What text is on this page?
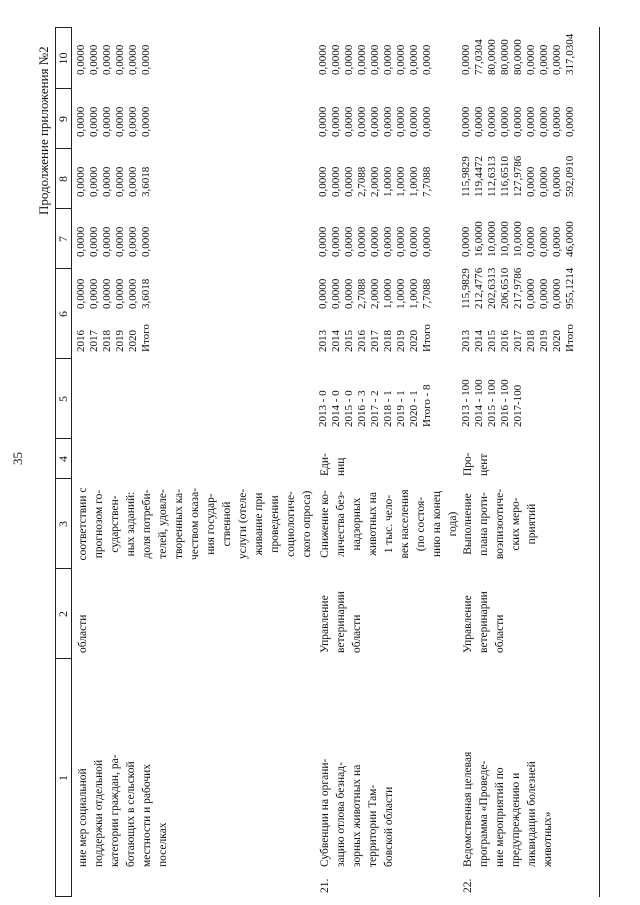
35
Продолжение приложения №2
1
2
3
4
5
6
7
8
9
10
ние мер социальной
поддержки отдельной
категории граждан, ра-
ботающих в сельской
местности и рабочих
поселках
области
соответствии с
прогнозом го-
сударствен-
ных заданий:
доля потреби-
телей, удовле-
творенных ка-
чеством оказа-
ния государ-
ственной
услуги (отеле-
живание при
проведении
социологиче-
ского опроса)
2016
2017
2018
2019
2020
Итого
0,0000
0,0000
0,0000
0,0000
0,0000
3,6018
0,0000
0,0000
0,0000
0,0000
0,0000
0,0000
0,0000
0,0000
0,0000
0,0000
0,0000
3,6018
0,0000
0,0000
0,0000
0,0000
0,0000
0,0000
0,0000
0,0000
0,0000
0,0000
0,0000
0,0000
21.
Субвенции на органи-
зацию отлова безнад-
зорных животных на
территории Там-
бовской области
Управление
ветеринарии
области
Снижение ко-
личества без-
надзорных
животных на
1 тыс. чело-
век населения
(по состоя-
нию на конец
года)
Еди-
ниц
2013 - 0
2014 - 0
2015 - 0
2016 - 3
2017 - 2
2018 - 1
2019 - 1
2020 - 1
Итого - 8
2013
2014
2015
2016
2017
2018
2019
2020
Итого
0,0000
0,0000
0,0000
2,7088
2,0000
1,0000
1,0000
1,0000
7,7088
0,0000
0,0000
0,0000
0,0000
0,0000
0,0000
0,0000
0,0000
0,0000
0,0000
0,0000
0,0000
2,7088
2,0000
1,0000
1,0000
1,0000
7,7088
0,0000
0,0000
0,0000
0,0000
0,0000
0,0000
0,0000
0,0000
0,0000
0,0000
0,0000
0,0000
0,0000
0,0000
0,0000
0,0000
0,0000
0,0000
22.
Ведомственная целевая
программа «Проведе-
ние мероприятий по
предупреждению и
ликвидации болезней
животных»
Управление
ветеринарии
области
Выполнение
плана проти-
воэпизоотиче-
ских меро-
приятий
Про-
цент
2013 - 100
2014 - 100
2015 - 100
2016 - 100
2017-100
2013
2014
2015
2016
2017
2018
2019
2020
Итого
115,9829
212,4776
202,6313
206,6510
217,9786
0,0000
0,0000
0,0000
955,1214
0,0000
16,0000
10,0000
10,0000
10,0000
0,0000
0,0000
0,0000
46,0000
115,9829
119,4472
112,6313
116,6510
127,9786
0,0000
0,0000
0,0000
592,0910
0,0000
0,0000
0,0000
0,0000
0,0000
0,0000
0,0000
0,0000
0,0000
0,0000
77,0304
80,0000
80,0000
80,0000
0,0000
0,0000
0,0000
317,0304
